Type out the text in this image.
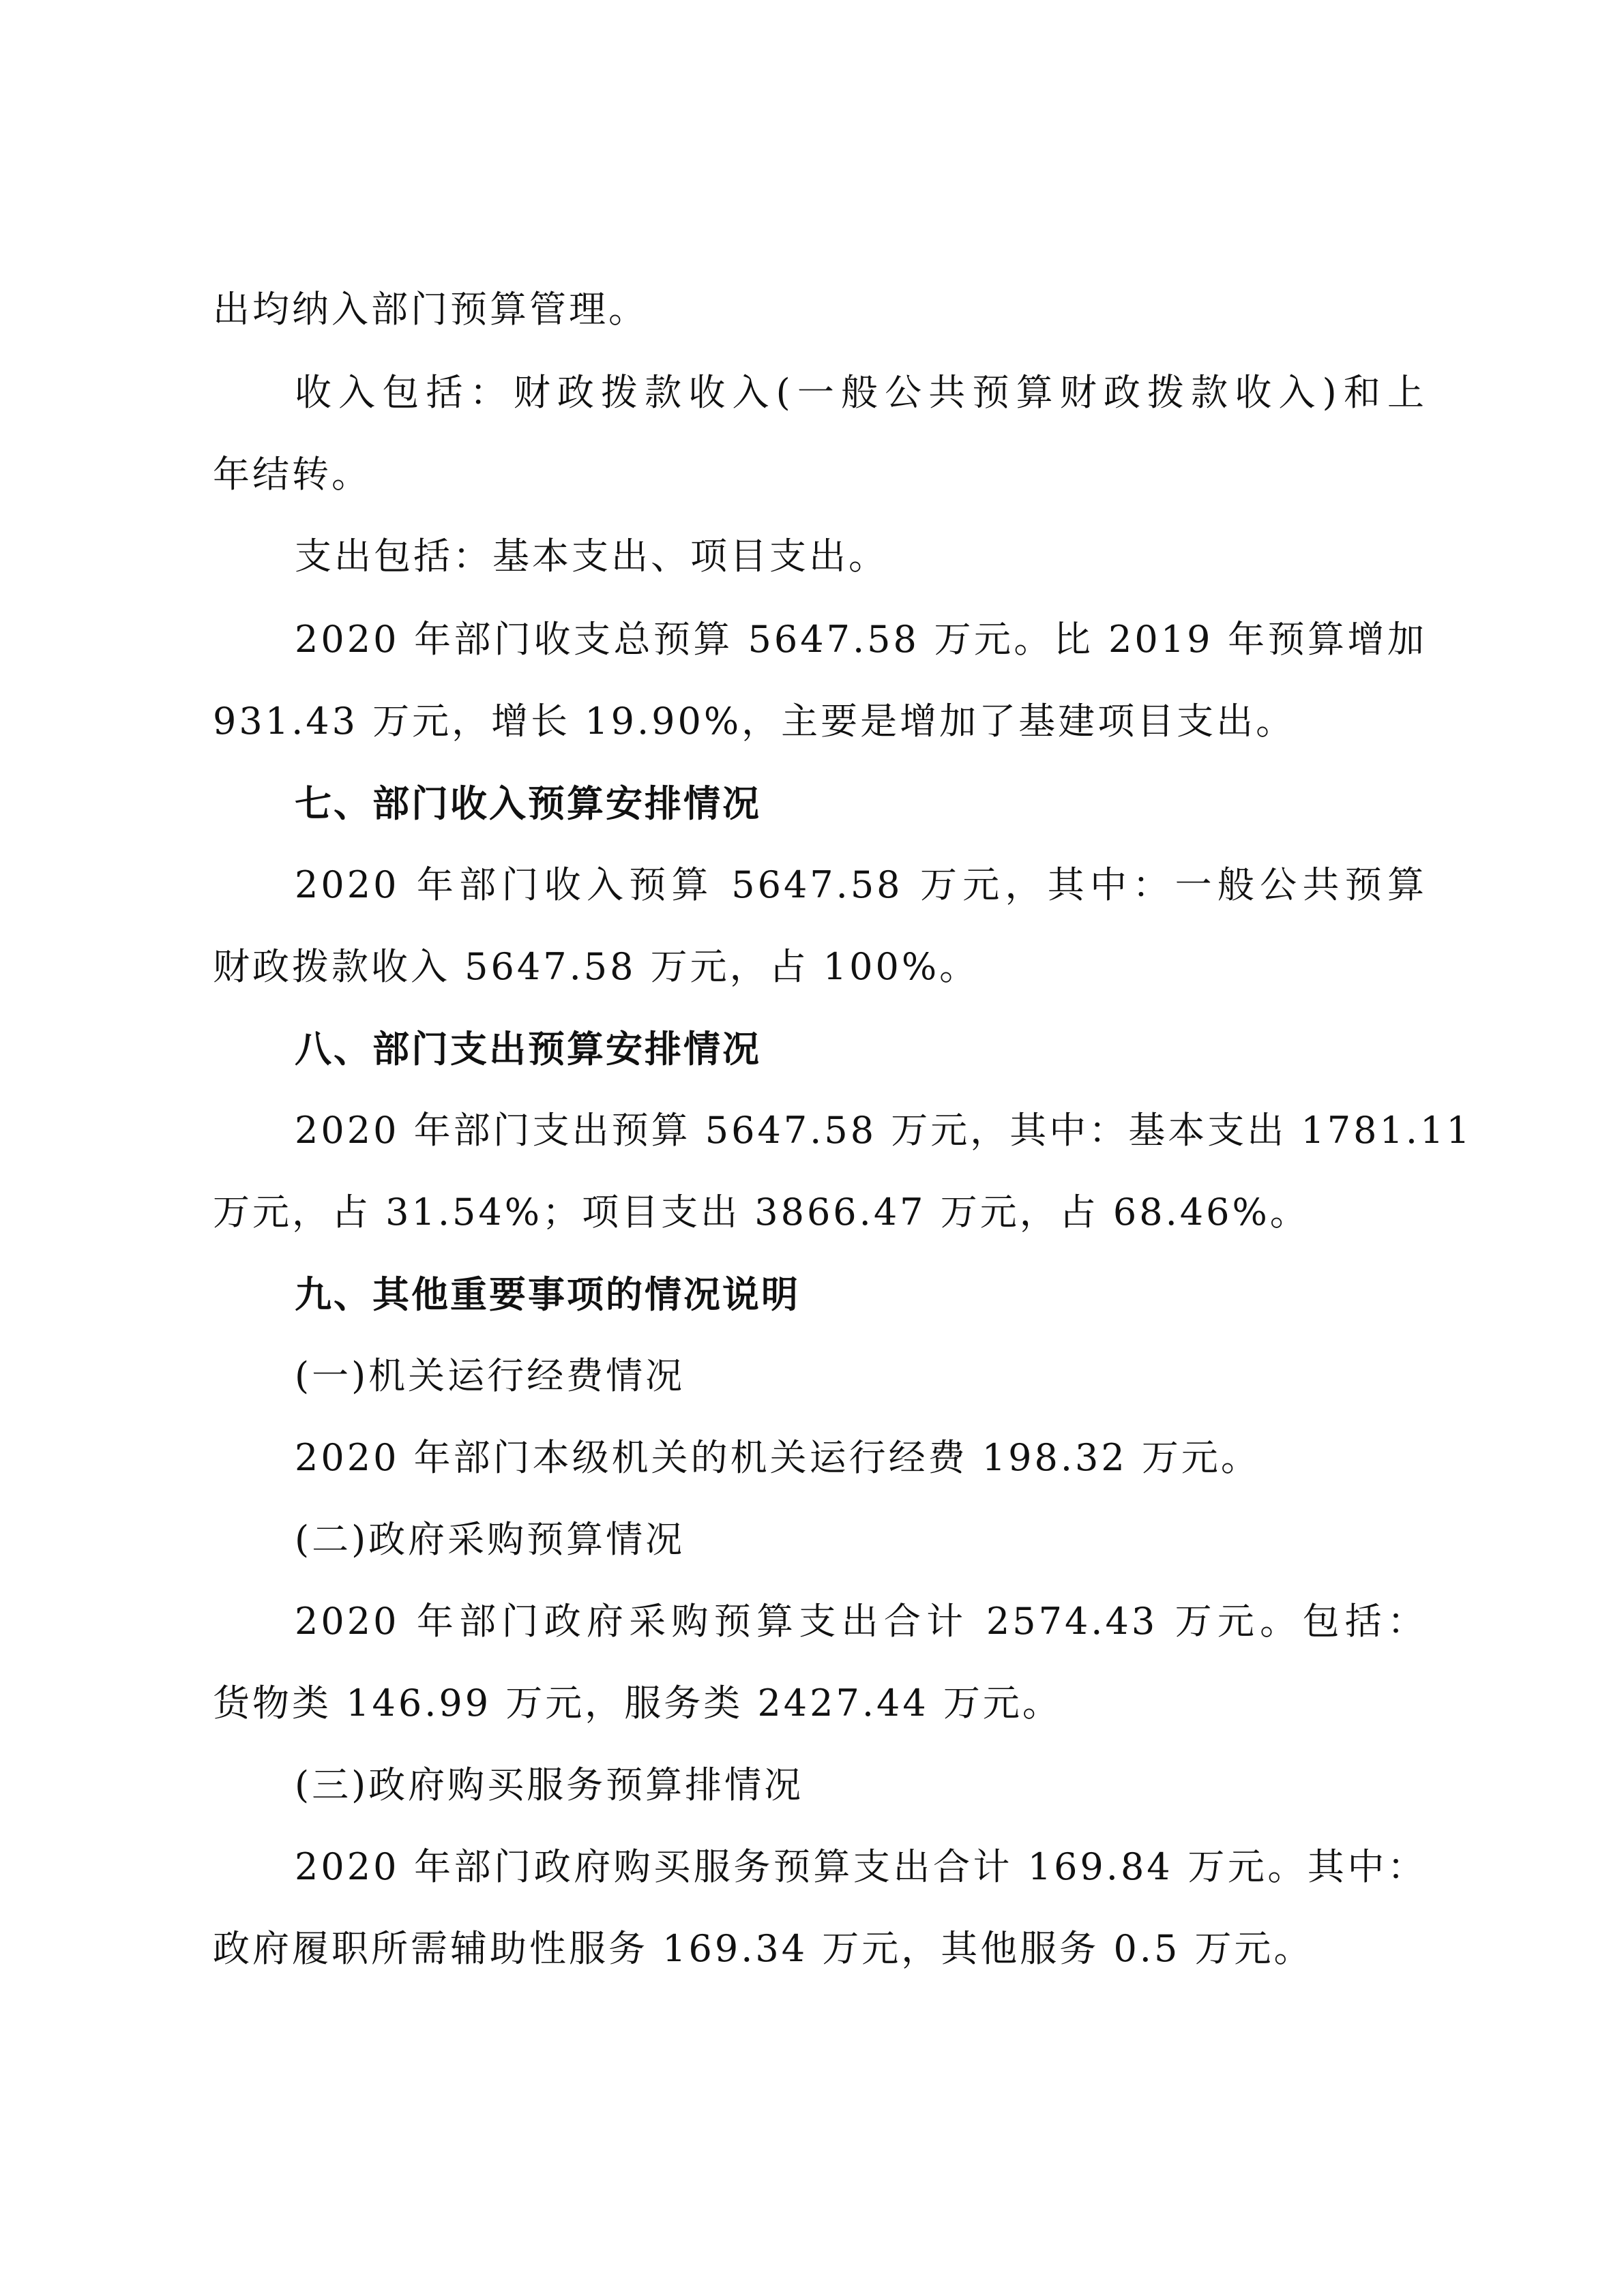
出均纳入部门预算管理。
收入包括：财政拨款收入(一般公共预算财政拨款收入)和上
年结转。
支出包括：基本支出、项目支出。
2020 年部门收支总预算 5647.58 万元。比 2019 年预算增加
931.43 万元，增长 19.90%，主要是增加了基建项目支出。
七、部门收入预算安排情况
2020 年部门收入预算 5647.58 万元，其中：一般公共预算
财政拨款收入 5647.58 万元，占 100%。
八、部门支出预算安排情况
2020 年部门支出预算 5647.58 万元，其中：基本支出 1781.11
万元，占 31.54%；项目支出 3866.47 万元，占 68.46%。
九、其他重要事项的情况说明
(一)机关运行经费情况
2020 年部门本级机关的机关运行经费 198.32 万元。
(二)政府采购预算情况
2020 年部门政府采购预算支出合计 2574.43 万元。包括：
货物类 146.99 万元，服务类 2427.44 万元。
(三)政府购买服务预算排情况
2020 年部门政府购买服务预算支出合计 169.84 万元。其中：
政府履职所需辅助性服务 169.34 万元，其他服务 0.5 万元。
